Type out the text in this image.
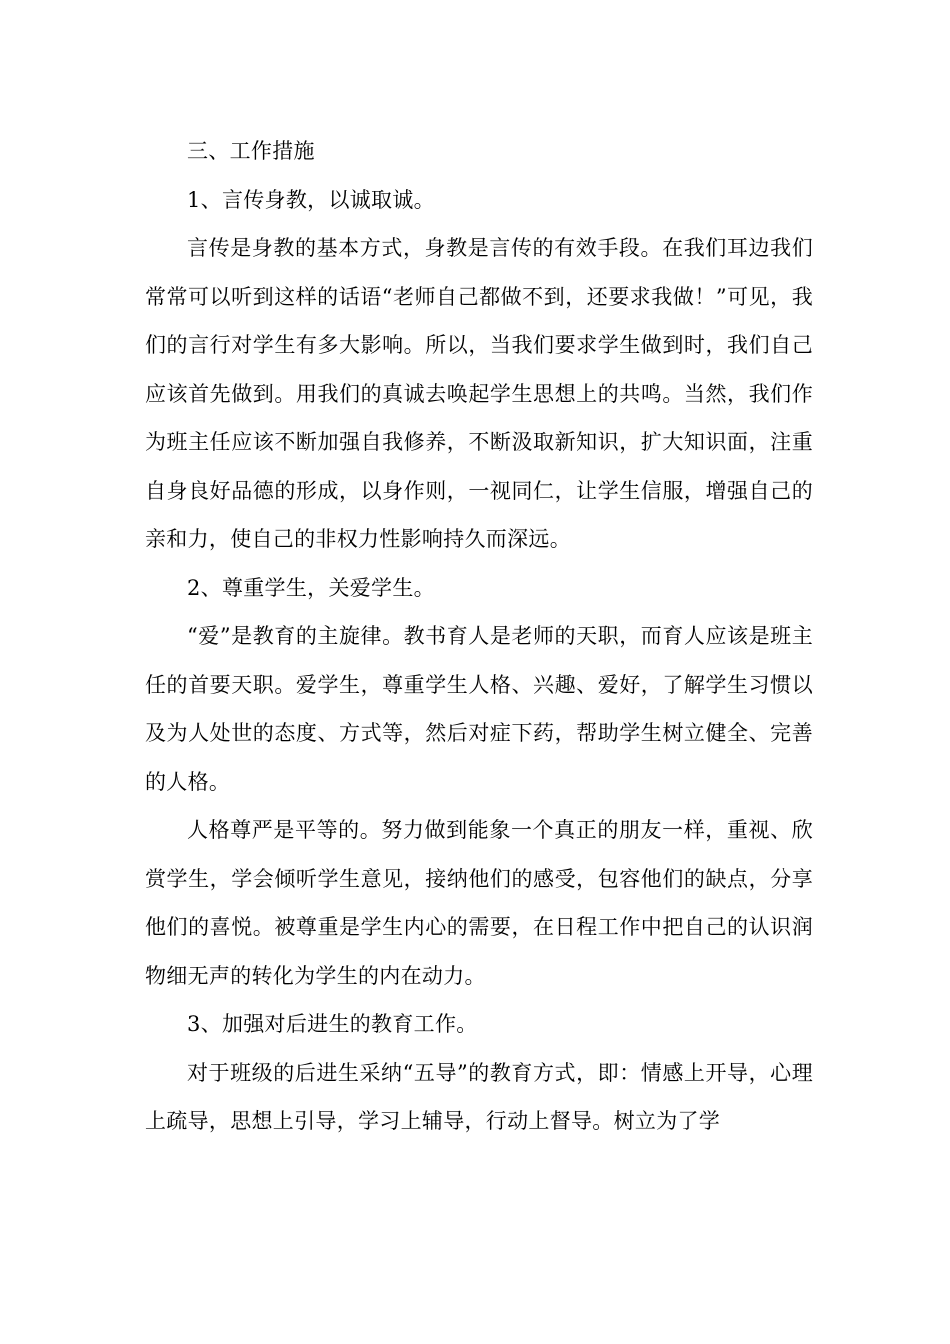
三、工作措施

1、言传身教，以诚取诚。

言传是身教的基本方式，身教是言传的有效手段。在我们耳边我们常常可以听到这样的话语“老师自己都做不到，还要求我做！”可见，我们的言行对学生有多大影响。所以，当我们要求学生做到时，我们自己应该首先做到。用我们的真诚去唤起学生思想上的共鸣。当然，我们作为班主任应该不断加强自我修养，不断汲取新知识，扩大知识面，注重自身良好品德的形成，以身作则，一视同仁，让学生信服，增强自己的亲和力，使自己的非权力性影响持久而深远。

2、尊重学生，关爱学生。

“爱”是教育的主旋律。教书育人是老师的天职，而育人应该是班主任的首要天职。爱学生，尊重学生人格、兴趣、爱好，了解学生习惯以及为人处世的态度、方式等，然后对症下药，帮助学生树立健全、完善的人格。

人格尊严是平等的。努力做到能象一个真正的朋友一样，重视、欣赏学生，学会倾听学生意见，接纳他们的感受，包容他们的缺点，分享他们的喜悦。被尊重是学生内心的需要，在日程工作中把自己的认识润物细无声的转化为学生的内在动力。

3、加强对后进生的教育工作。

对于班级的后进生采纳“五导”的教育方式，即：情感上开导，心理上疏导，思想上引导，学习上辅导，行动上督导。树立为了学
